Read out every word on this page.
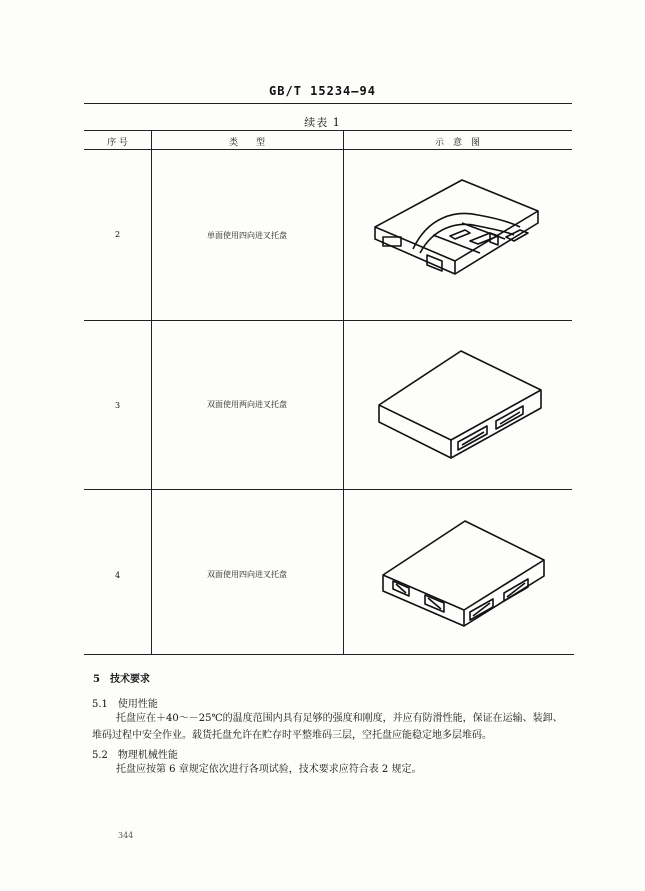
GB/T 15234—94
续表 1
序 号	类　　型	示　意　图
2	单面使用四向进叉托盘
3	双面使用两向进叉托盘
4	双面使用四向进叉托盘
5　技术要求
5.1　使用性能
托盘应在＋40～－25℃的温度范围内具有足够的强度和刚度，并应有防滑性能，保证在运输、装卸、
堆码过程中安全作业。载货托盘允许在贮存时平整堆码三层，空托盘应能稳定地多层堆码。
5.2　物理机械性能
托盘应按第 6 章规定依次进行各项试验，技术要求应符合表 2 规定。
344
